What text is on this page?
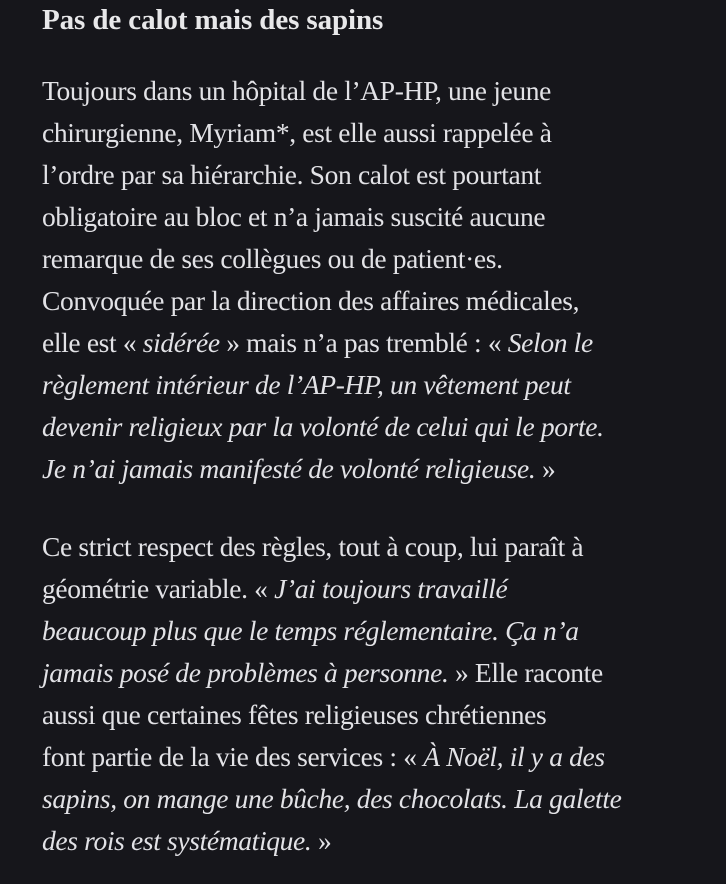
Pas de calot mais des sapins

Toujours dans un hôpital de l’AP-HP, une jeune
chirurgienne, Myriam*, est elle aussi rappelée à
l’ordre par sa hiérarchie. Son calot est pourtant
obligatoire au bloc et n’a jamais suscité aucune
remarque de ses collègues ou de patient·es.
Convoquée par la direction des affaires médicales,
elle est « sidérée » mais n’a pas tremblé : « Selon le
règlement intérieur de l’AP-HP, un vêtement peut
devenir religieux par la volonté de celui qui le porte.
Je n’ai jamais manifesté de volonté religieuse. »

Ce strict respect des règles, tout à coup, lui paraît à
géométrie variable. « J’ai toujours travaillé
beaucoup plus que le temps réglementaire. Ça n’a
jamais posé de problèmes à personne. » Elle raconte
aussi que certaines fêtes religieuses chrétiennes
font partie de la vie des services : « À Noël, il y a des
sapins, on mange une bûche, des chocolats. La galette
des rois est systématique. »
